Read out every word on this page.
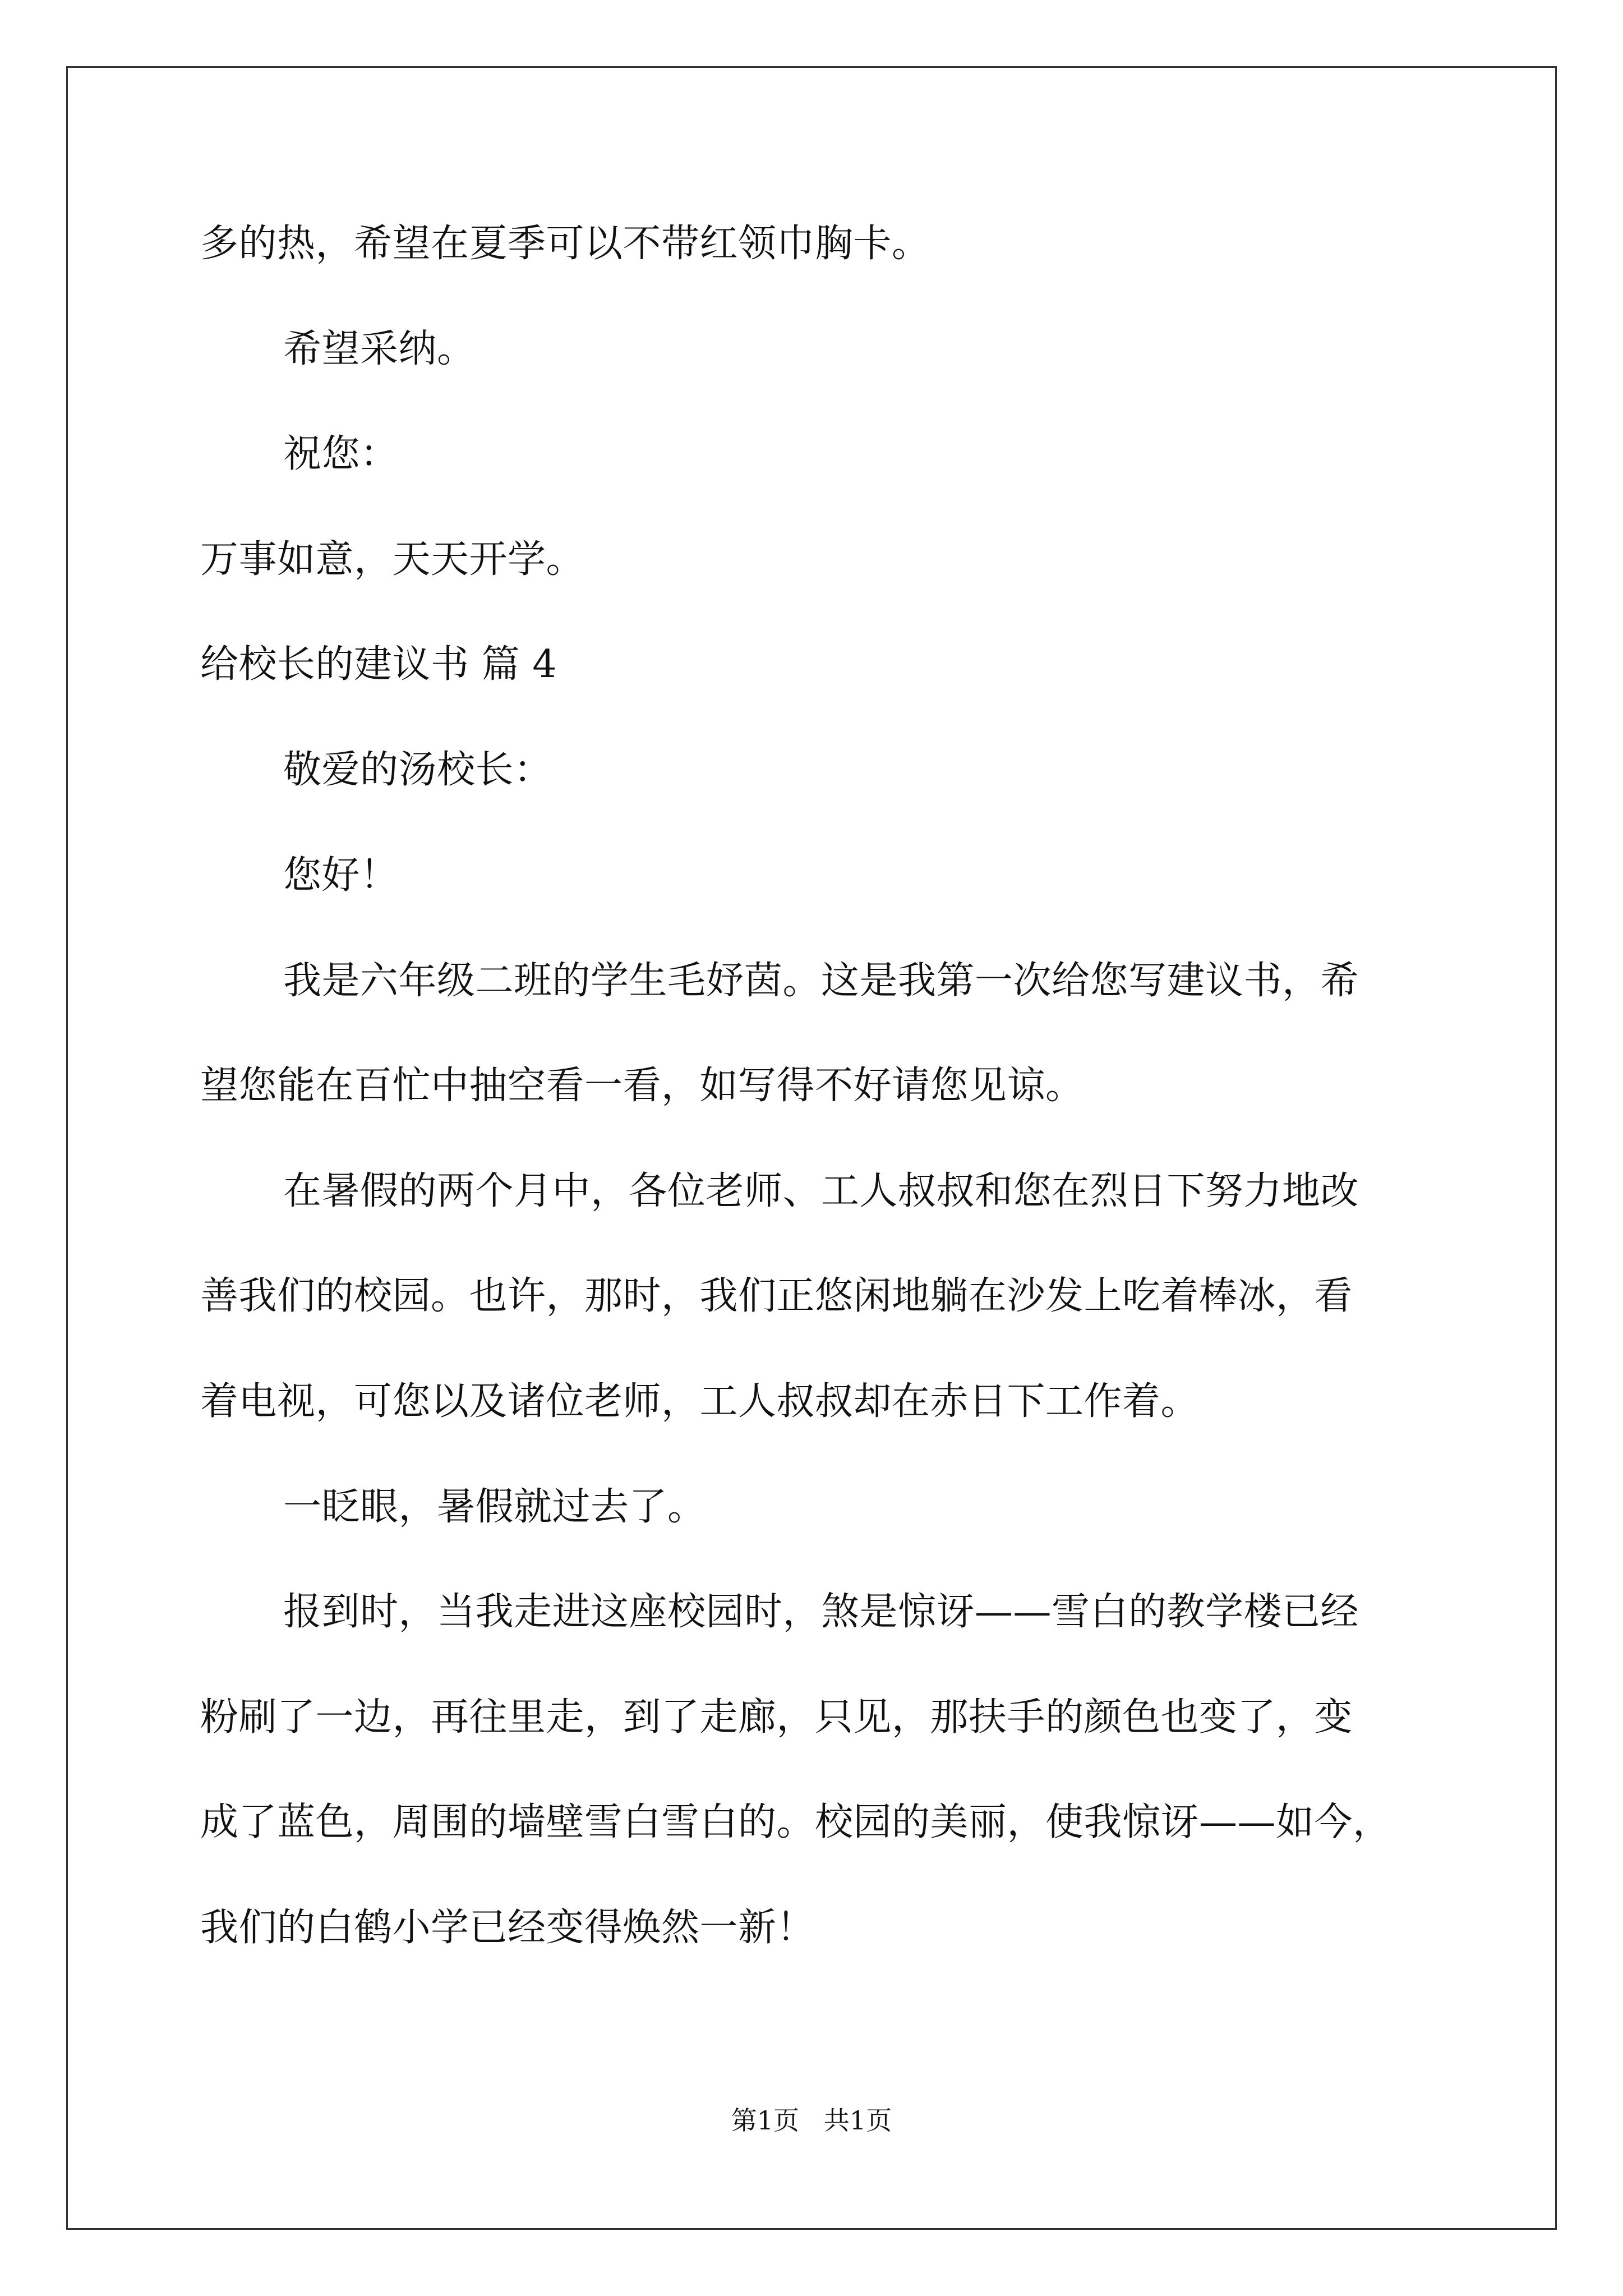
多的热，希望在夏季可以不带红领巾胸卡。
希望采纳。
祝您：
万事如意，天天开学。
给校长的建议书 篇 4
敬爱的汤校长：
您好！
我是六年级二班的学生毛妤茵。这是我第一次给您写建议书，希
望您能在百忙中抽空看一看，如写得不好请您见谅。
在暑假的两个月中，各位老师、工人叔叔和您在烈日下努力地改
善我们的校园。也许，那时，我们正悠闲地躺在沙发上吃着棒冰，看
着电视，可您以及诸位老师，工人叔叔却在赤日下工作着。
一眨眼，暑假就过去了。
报到时，当我走进这座校园时，煞是惊讶——雪白的教学楼已经
粉刷了一边，再往里走，到了走廊，只见，那扶手的颜色也变了，变
成了蓝色，周围的墙壁雪白雪白的。校园的美丽，使我惊讶——如今，
我们的白鹤小学已经变得焕然一新！
第1页   共1页
